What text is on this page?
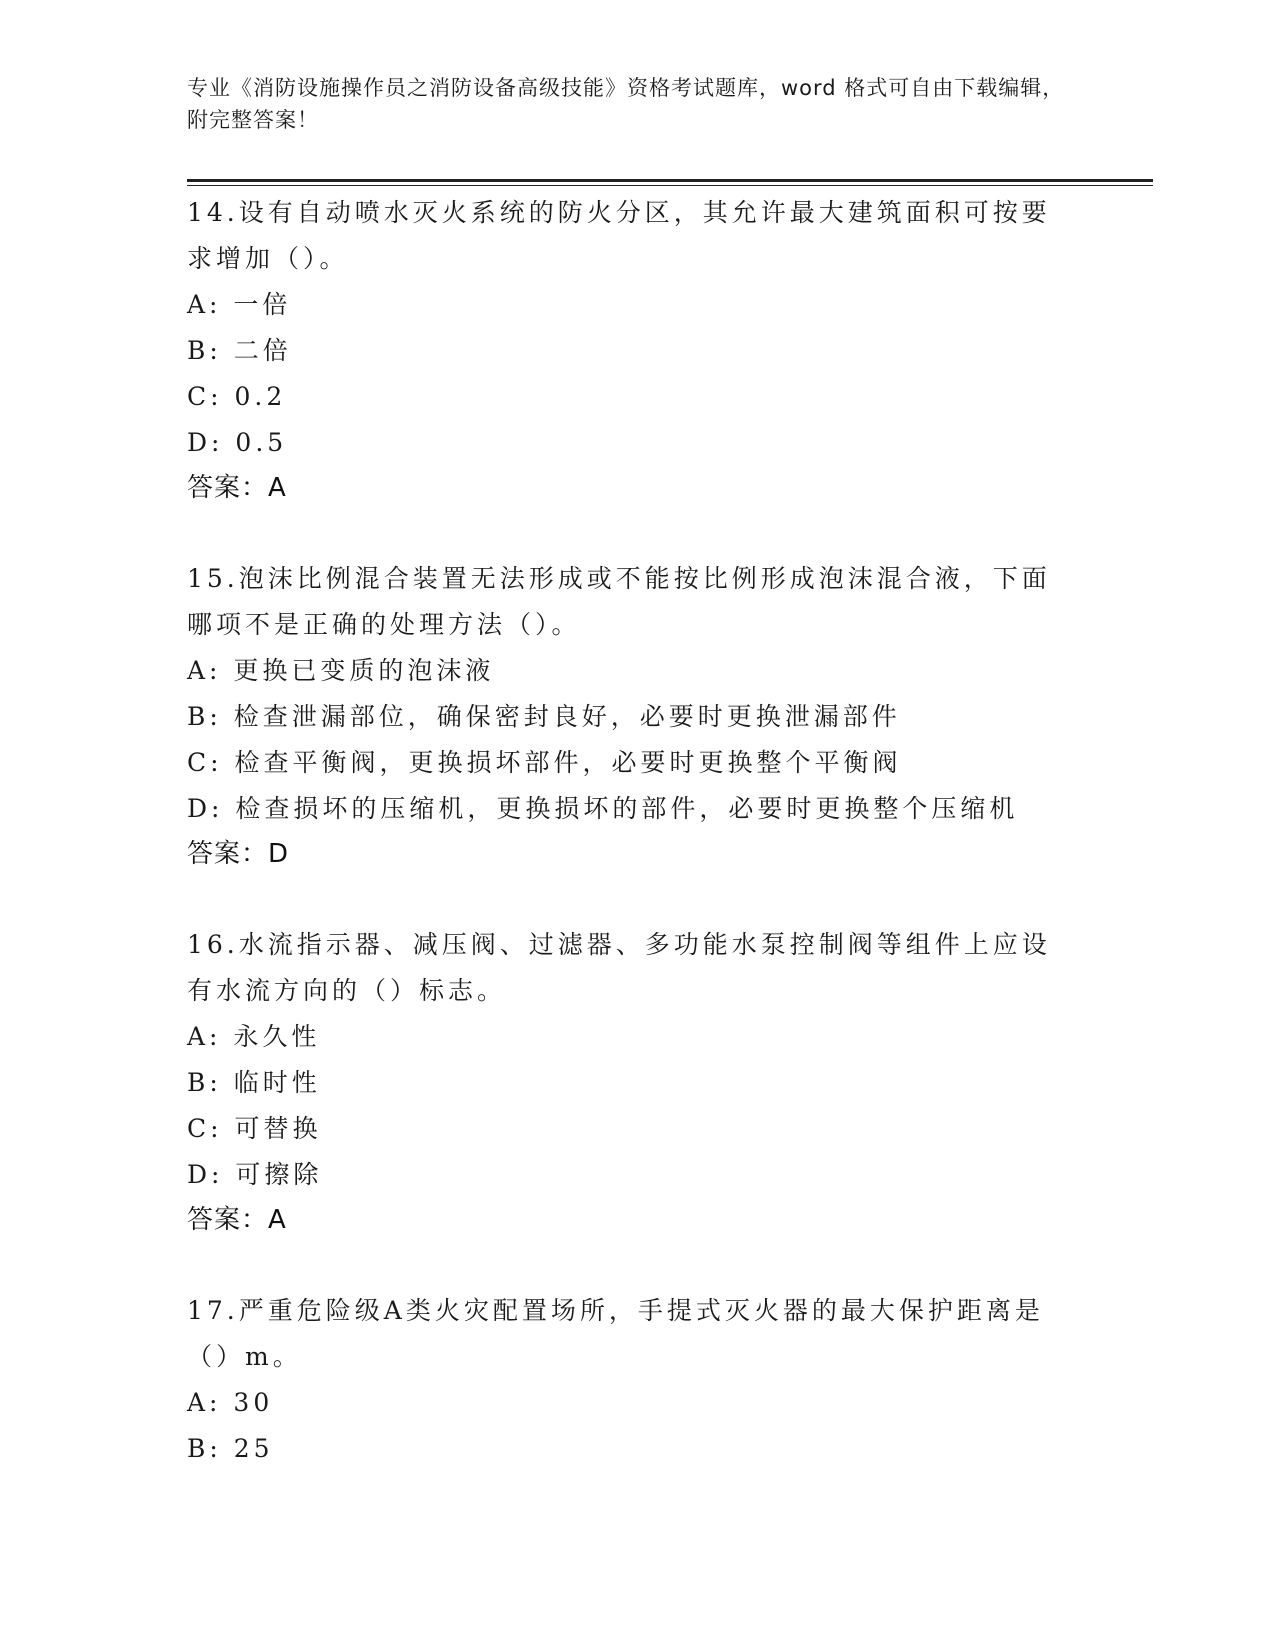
专业《消防设施操作员之消防设备高级技能》资格考试题库，word 格式可自由下载编辑，附完整答案！
14.设有自动喷水灭火系统的防火分区，其允许最大建筑面积可按要求增加（）。
A: 一倍
B: 二倍
C: 0.2
D: 0.5
答案：A
15.泡沫比例混合装置无法形成或不能按比例形成泡沫混合液，下面哪项不是正确的处理方法（）。
A: 更换已变质的泡沫液
B: 检查泄漏部位，确保密封良好，必要时更换泄漏部件
C: 检查平衡阀，更换损坏部件，必要时更换整个平衡阀
D: 检查损坏的压缩机，更换损坏的部件，必要时更换整个压缩机
答案：D
16.水流指示器、减压阀、过滤器、多功能水泵控制阀等组件上应设有水流方向的（）标志。
A: 永久性
B: 临时性
C: 可替换
D: 可擦除
答案：A
17.严重危险级A类火灾配置场所，手提式灭火器的最大保护距离是（）m。
A: 30
B: 25
